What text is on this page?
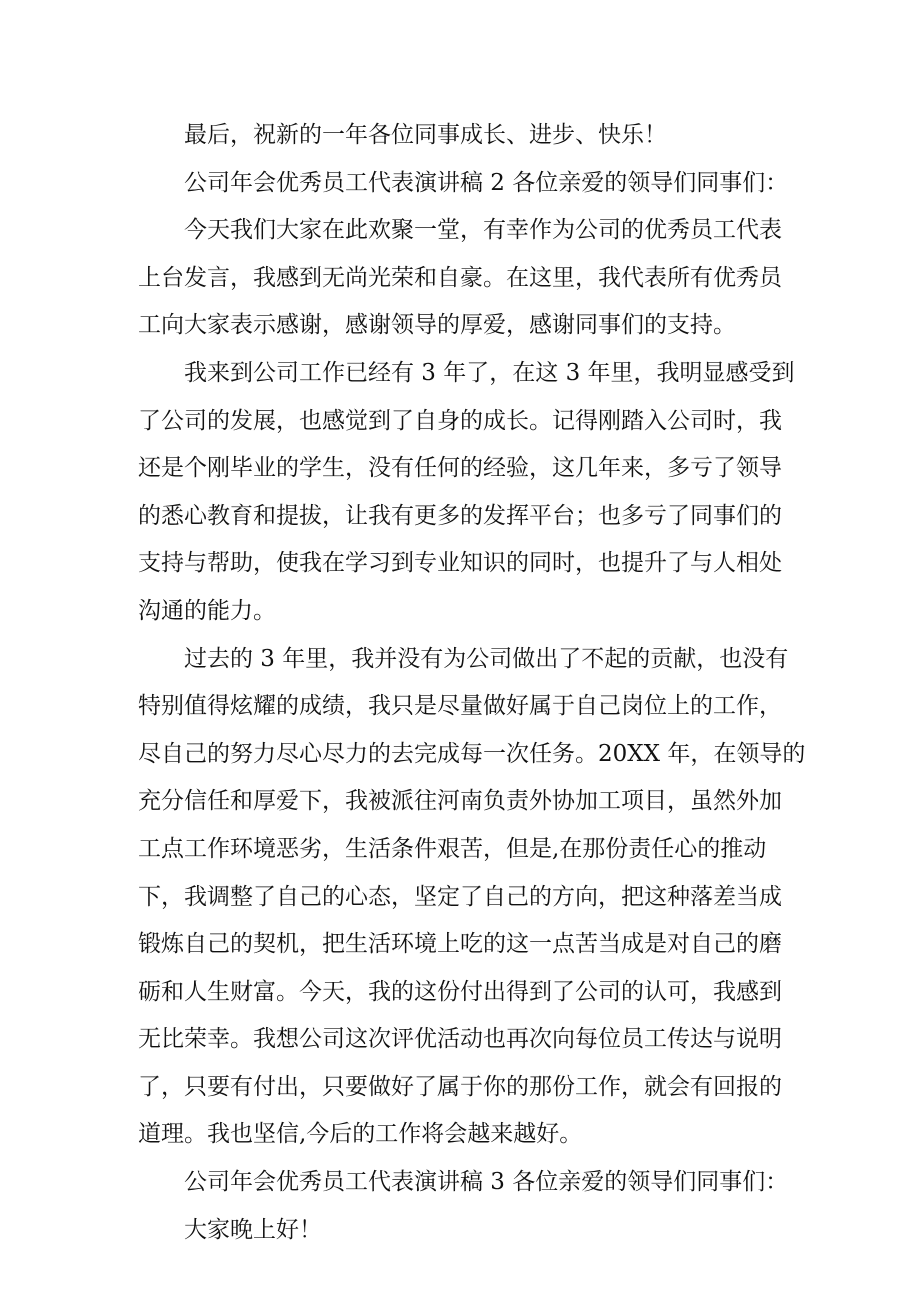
最后，祝新的一年各位同事成长、进步、快乐！

公司年会优秀员工代表演讲稿 2 各位亲爱的领导们同事们：

今天我们大家在此欢聚一堂，有幸作为公司的优秀员工代表
上台发言，我感到无尚光荣和自豪。在这里，我代表所有优秀员
工向大家表示感谢，感谢领导的厚爱，感谢同事们的支持。
我来到公司工作已经有 3 年了，在这 3 年里，我明显感受到
了公司的发展，也感觉到了自身的成长。记得刚踏入公司时，我
还是个刚毕业的学生，没有任何的经验，这几年来，多亏了领导
的悉心教育和提拔，让我有更多的发挥平台；也多亏了同事们的
支持与帮助，使我在学习到专业知识的同时，也提升了与人相处
沟通的能力。
过去的 3 年里，我并没有为公司做出了不起的贡献，也没有
特别值得炫耀的成绩，我只是尽量做好属于自己岗位上的工作，
尽自己的努力尽心尽力的去完成每一次任务。20XX 年，在领导的
充分信任和厚爱下，我被派往河南负责外协加工项目，虽然外加
工点工作环境恶劣，生活条件艰苦，但是,在那份责任心的推动
下，我调整了自己的心态，坚定了自己的方向，把这种落差当成
锻炼自己的契机，把生活环境上吃的这一点苦当成是对自己的磨
砺和人生财富。今天，我的这份付出得到了公司的认可，我感到
无比荣幸。我想公司这次评优活动也再次向每位员工传达与说明
了，只要有付出，只要做好了属于你的那份工作，就会有回报的
道理。我也坚信,今后的工作将会越来越好。

公司年会优秀员工代表演讲稿 3 各位亲爱的领导们同事们：

大家晚上好！
